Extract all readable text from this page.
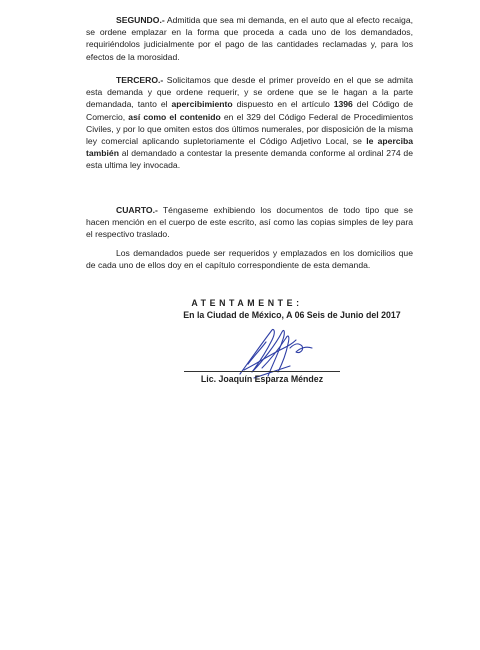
SEGUNDO.- Admitida que sea mi demanda, en el auto que al efecto recaiga, se ordene emplazar en la forma que proceda a cada uno de los demandados, requiriéndolos judicialmente por el pago de las cantidades reclamadas y, para los efectos de la morosidad.

TERCERO.- Solicitamos que desde el primer proveído en el que se admita esta demanda y que ordene requerir, y se ordene que se le hagan a la parte demandada, tanto el apercibimiento dispuesto en el artículo 1396 del Código de Comercio, así como el contenido en el 329 del Código Federal de Procedimientos Civiles, y por lo que omiten estos dos últimos numerales, por disposición de la misma ley comercial aplicando supletoriamente el Código Adjetivo Local, se le aperciba también al demandado a contestar la presente demanda conforme al ordinal 274 de esta ultima ley invocada.

CUARTO.- Téngaseme exhibiendo los documentos de todo tipo que se hacen mención en el cuerpo de este escrito, así como las copias simples de ley para el respectivo traslado.

Los demandados puede ser requeridos y emplazados en los domicilios que de cada uno de ellos doy en el capítulo correspondiente de esta demanda.

ATENTAMENTE:
En la Ciudad de México, A 06 Seis de Junio del 2017
Lic. Joaquín Esparza Méndez
